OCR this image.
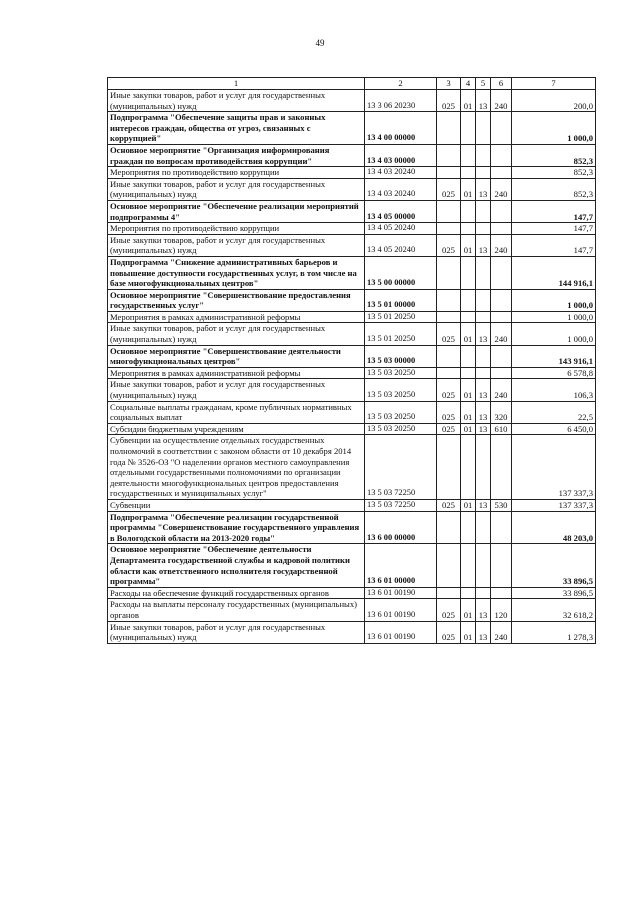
49
1	2	3	4	5	6	7
Иные закупки товаров, работ и услуг для государственных (муниципальных) нужд	13 3 06 20230	025	01	13	240	200,0
Подпрограмма "Обеспечение защиты прав и законных интересов граждан, общества от угроз, связанных с коррупцией"	13 4 00 00000					1 000,0
Основное мероприятие "Организация информирования граждан по вопросам противодействия коррупции"	13 4 03 00000					852,3
Мероприятия по противодействию коррупции	13 4 03 20240					852,3
Иные закупки товаров, работ и услуг для государственных (муниципальных) нужд	13 4 03 20240	025	01	13	240	852,3
Основное мероприятие "Обеспечение реализации мероприятий подпрограммы 4"	13 4 05 00000					147,7
Мероприятия по противодействию коррупции	13 4 05 20240					147,7
Иные закупки товаров, работ и услуг для государственных (муниципальных) нужд	13 4 05 20240	025	01	13	240	147,7
Подпрограмма "Снижение административных барьеров и повышение доступности государственных услуг, в том числе на базе многофункциональных центров"	13 5 00 00000					144 916,1
Основное мероприятие "Совершенствование предоставления государственных услуг"	13 5 01 00000					1 000,0
Мероприятия в рамках административной реформы	13 5 01 20250					1 000,0
Иные закупки товаров, работ и услуг для государственных (муниципальных) нужд	13 5 01 20250	025	01	13	240	1 000,0
Основное мероприятие "Совершенствование деятельности многофункциональных центров"	13 5 03 00000					143 916,1
Мероприятия в рамках административной реформы	13 5 03 20250					6 578,8
Иные закупки товаров, работ и услуг для государственных (муниципальных) нужд	13 5 03 20250	025	01	13	240	106,3
Социальные выплаты гражданам, кроме публичных нормативных социальных выплат	13 5 03 20250	025	01	13	320	22,5
Субсидии бюджетным учреждениям	13 5 03 20250	025	01	13	610	6 450,0
Субвенции на осуществление отдельных государственных полномочий в соответствии с законом области от 10 декабря 2014 года № 3526-ОЗ "О наделении органов местного самоуправления отдельными государственными полномочиями по организации деятельности многофункциональных центров предоставления государственных и муниципальных услуг"	13 5 03 72250					137 337,3
Субвенции	13 5 03 72250	025	01	13	530	137 337,3
Подпрограмма "Обеспечение реализации государственной программы "Совершенствование государственного управления в Вологодской области на 2013-2020 годы"	13 6 00 00000					48 203,0
Основное мероприятие "Обеспечение деятельности Департамента государственной службы и кадровой политики области как ответственного исполнителя государственной программы"	13 6 01 00000					33 896,5
Расходы на обеспечение функций государственных органов	13 6 01 00190					33 896,5
Расходы на выплаты персоналу государственных (муниципальных) органов	13 6 01 00190	025	01	13	120	32 618,2
Иные закупки товаров, работ и услуг для государственных (муниципальных) нужд	13 6 01 00190	025	01	13	240	1 278,3
